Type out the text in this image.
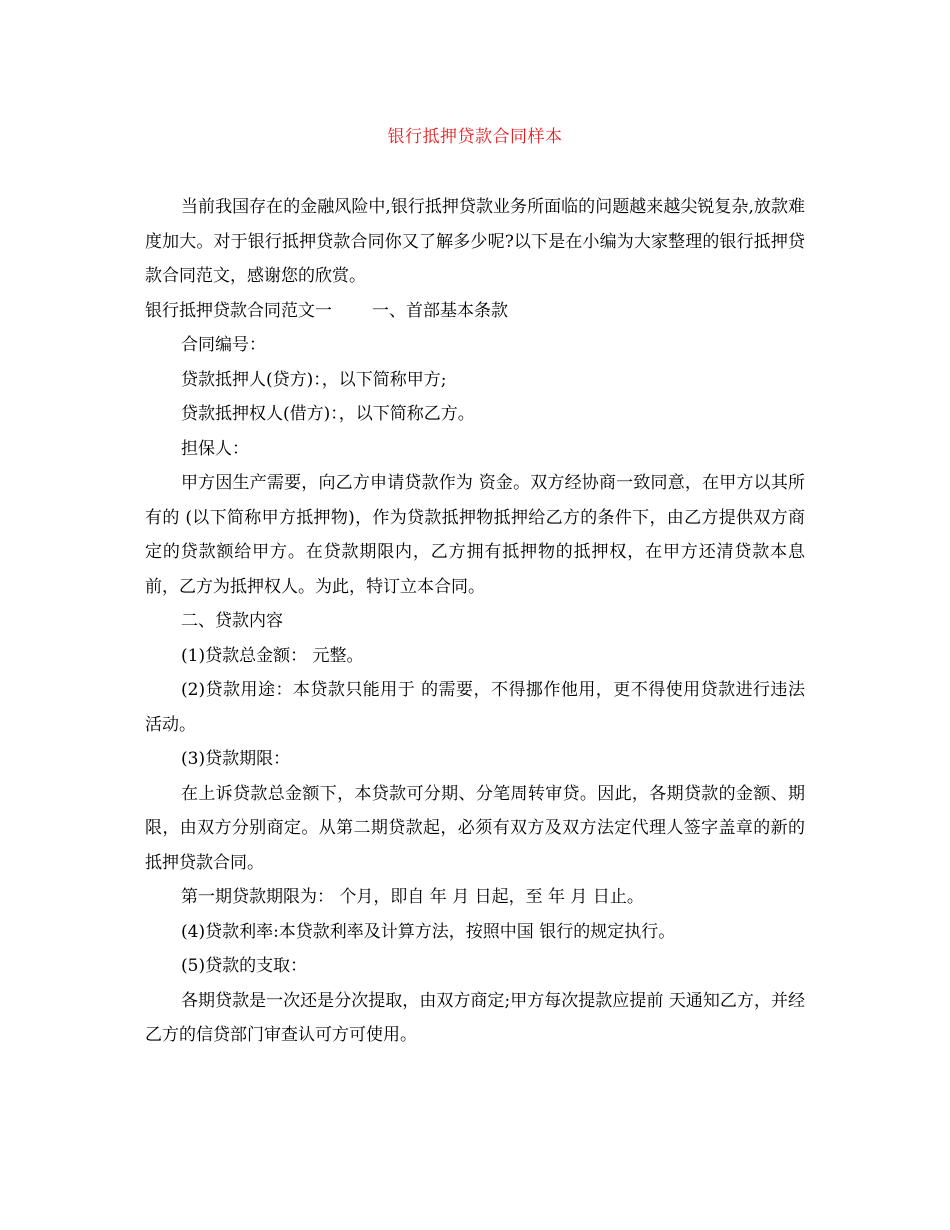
银行抵押贷款合同样本

当前我国存在的金融风险中,银行抵押贷款业务所面临的问题越来越尖锐复杂,放款难度加大。对于银行抵押贷款合同你又了解多少呢?以下是在小编为大家整理的银行抵押贷款合同范文，感谢您的欣赏。

银行抵押贷款合同范文一 一、首部基本条款

合同编号：

贷款抵押人(贷方)：，以下简称甲方;

贷款抵押权人(借方)：，以下简称乙方。

担保人：

甲方因生产需要，向乙方申请贷款作为 资金。双方经协商一致同意，在甲方以其所有的 (以下简称甲方抵押物)，作为贷款抵押物抵押给乙方的条件下，由乙方提供双方商定的贷款额给甲方。在贷款期限内，乙方拥有抵押物的抵押权，在甲方还清贷款本息前，乙方为抵押权人。为此，特订立本合同。

二、贷款内容

(1)贷款总金额： 元整。

(2)贷款用途：本贷款只能用于 的需要，不得挪作他用，更不得使用贷款进行违法活动。

(3)贷款期限：

在上诉贷款总金额下，本贷款可分期、分笔周转审贷。因此，各期贷款的金额、期限，由双方分别商定。从第二期贷款起，必须有双方及双方法定代理人签字盖章的新的抵押贷款合同。

第一期贷款期限为： 个月，即自 年 月 日起，至 年 月 日止。

(4)贷款利率:本贷款利率及计算方法，按照中国 银行的规定执行。

(5)贷款的支取：

各期贷款是一次还是分次提取，由双方商定;甲方每次提款应提前 天通知乙方，并经乙方的信贷部门审查认可方可使用。
